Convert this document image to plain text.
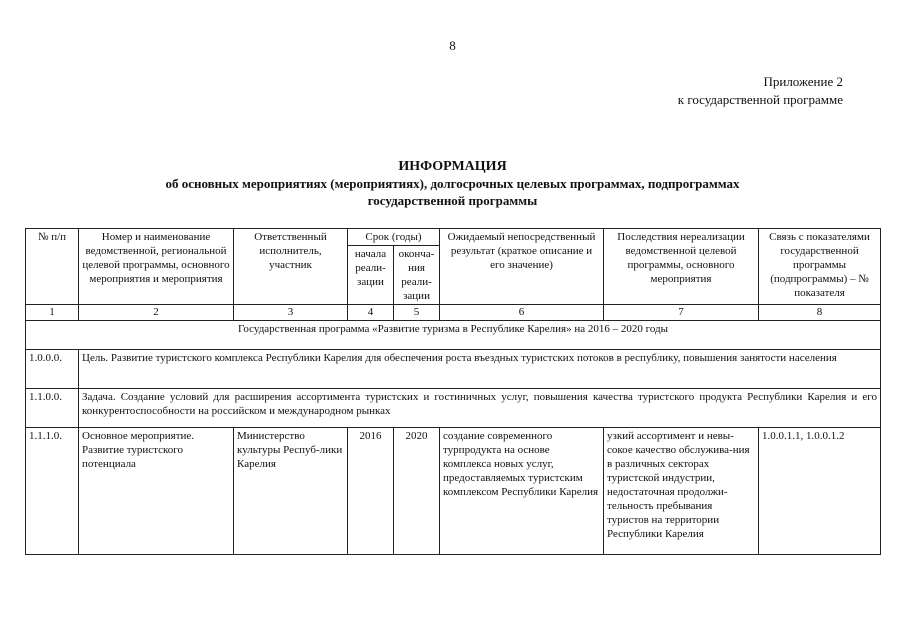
8
Приложение 2
к государственной программе
ИНФОРМАЦИЯ
об основных мероприятиях (мероприятиях), долгосрочных целевых программах, подпрограммах
государственной программы
№ п/п	Номер и наименование ведомственной, региональной целевой программы, основного мероприятия и мероприятия	Ответственный исполнитель, участник	Срок (годы)		Ожидаемый непосредственный результат (краткое описание и его значение)	Последствия нереализации ведомственной целевой программы, основного мероприятия	Связь с показателями государственной программы (подпрограммы) – № показателя
			начала реали-зации	оконча-ния реали-зации			
1	2	3	4	5	6	7	8
Государственная программа «Развитие туризма в Республике Карелия» на 2016 – 2020 годы							
1.0.0.0.	Цель. Развитие туристского комплекса Республики Карелия для обеспечения роста въездных туристских потоков в республику, повышения занятости населения						
1.1.0.0.	Задача. Создание условий для расширения ассортимента туристских и гостиничных услуг, повышения качества туристского продукта Республики Карелия и его конкурентоспособности на российском и международном рынках						
1.1.1.0.	Основное мероприятие. Развитие туристского потенциала	Министерство культуры Респуб-лики Карелия	2016	2020	создание современного турпродукта на основе комплекса новых услуг, предоставляемых туристским комплексом Республики Карелия	узкий ассортимент и невы-сокое качество обслужива-ния в различных секторах туристской индустрии, недостаточная продолжи-тельность пребывания туристов на территории Республики Карелия	1.0.0.1.1, 1.0.0.1.2
